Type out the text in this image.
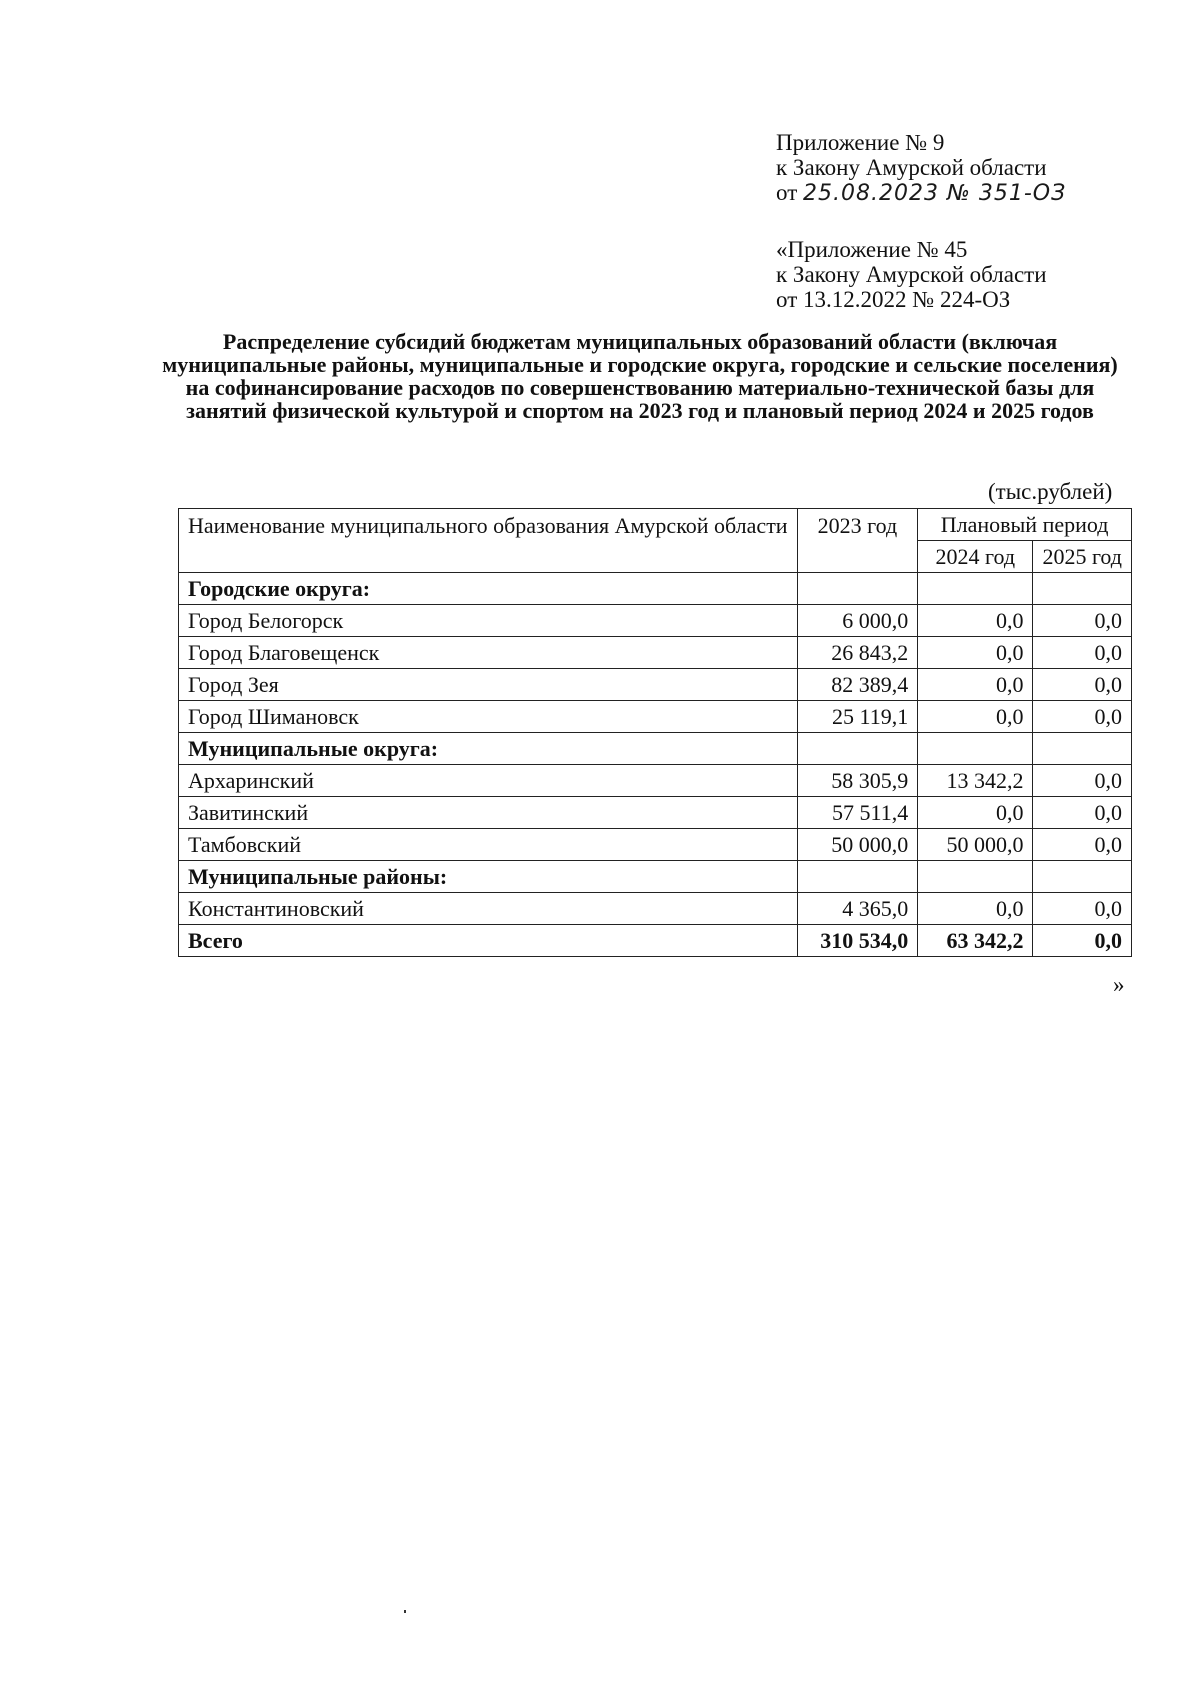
Приложение № 9
к Закону Амурской области
от 25.08.2023 № 351-ОЗ
«Приложение № 45
к Закону Амурской области
от 13.12.2022 № 224-ОЗ
Распределение субсидий бюджетам муниципальных образований области (включая муниципальные районы, муниципальные и городские округа, городские и сельские поселения) на софинансирование расходов по совершенствованию материально-технической базы для занятий физической культурой и спортом на 2023 год и плановый период 2024 и 2025 годов
(тыс.рублей)
Наименование муниципального образования Амурской области	2023 год	Плановый период	
		2024 год	2025 год
Городские округа:			
Город Белогорск	6 000,0	0,0	0,0
Город Благовещенск	26 843,2	0,0	0,0
Город Зея	82 389,4	0,0	0,0
Город Шимановск	25 119,1	0,0	0,0
Муниципальные округа:			
Архаринский	58 305,9	13 342,2	0,0
Завитинский	57 511,4	0,0	0,0
Тамбовский	50 000,0	50 000,0	0,0
Муниципальные районы:			
Константиновский	4 365,0	0,0	0,0
Всего	310 534,0	63 342,2	0,0
»
